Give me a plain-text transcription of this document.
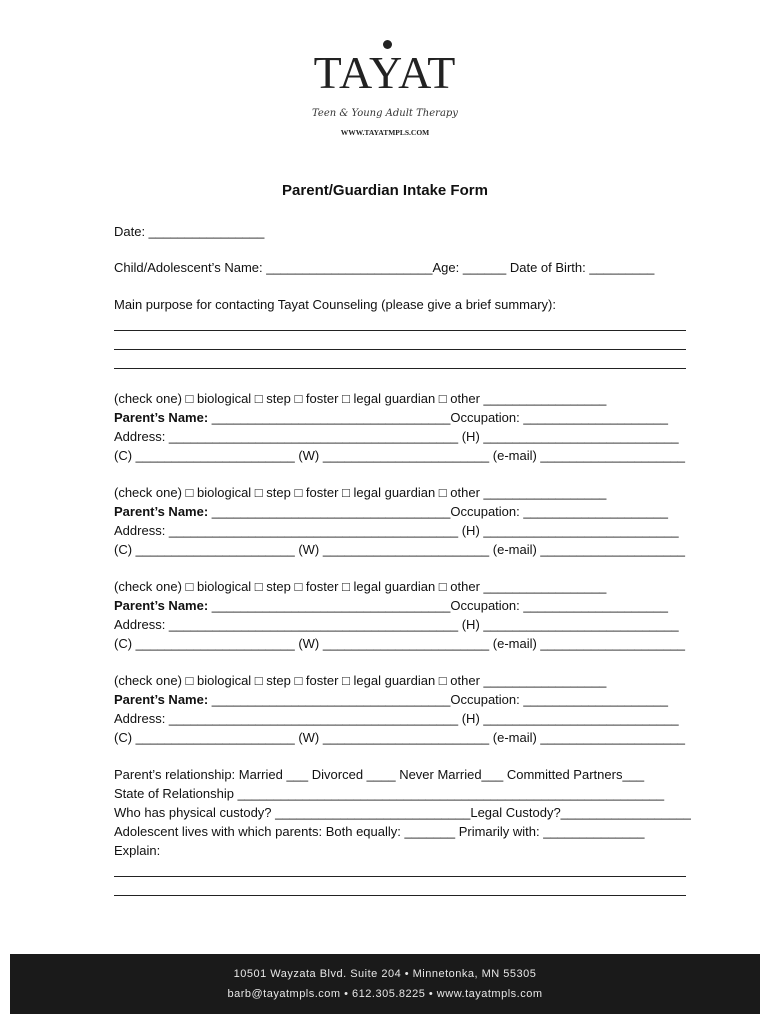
TAYAT
Teen & Young Adult Therapy
WWW.TAYATMPLS.COM
Parent/Guardian Intake Form
Date: ________________
Child/Adolescent’s Name: _______________________Age: ______ Date of Birth: _________
Main purpose for contacting Tayat Counseling (please give a brief summary):
(check one) □ biological □ step □ foster □ legal guardian □ other _________________
Parent’s Name: _________________________________Occupation: ____________________
Address: ________________________________________ (H) ___________________________
(C) ______________________ (W) _______________________ (e-mail) ____________________
(check one) □ biological □ step □ foster □ legal guardian □ other _________________
Parent’s Name: _________________________________Occupation: ____________________
Address: ________________________________________ (H) ___________________________
(C) ______________________ (W) _______________________ (e-mail) ____________________
(check one) □ biological □ step □ foster □ legal guardian □ other _________________
Parent’s Name: _________________________________Occupation: ____________________
Address: ________________________________________ (H) ___________________________
(C) ______________________ (W) _______________________ (e-mail) ____________________
(check one) □ biological □ step □ foster □ legal guardian □ other _________________
Parent’s Name: _________________________________Occupation: ____________________
Address: ________________________________________ (H) ___________________________
(C) ______________________ (W) _______________________ (e-mail) ____________________
Parent’s relationship: Married ___ Divorced ____ Never Married___ Committed Partners___
State of Relationship ___________________________________________________________
Who has physical custody? ___________________________Legal Custody?__________________
Adolescent lives with which parents: Both equally: _______ Primarily with: ______________
Explain:
10501 Wayzata Blvd. Suite 204 • Minnetonka, MN 55305
barb@tayatmpls.com • 612.305.8225 • www.tayatmpls.com
